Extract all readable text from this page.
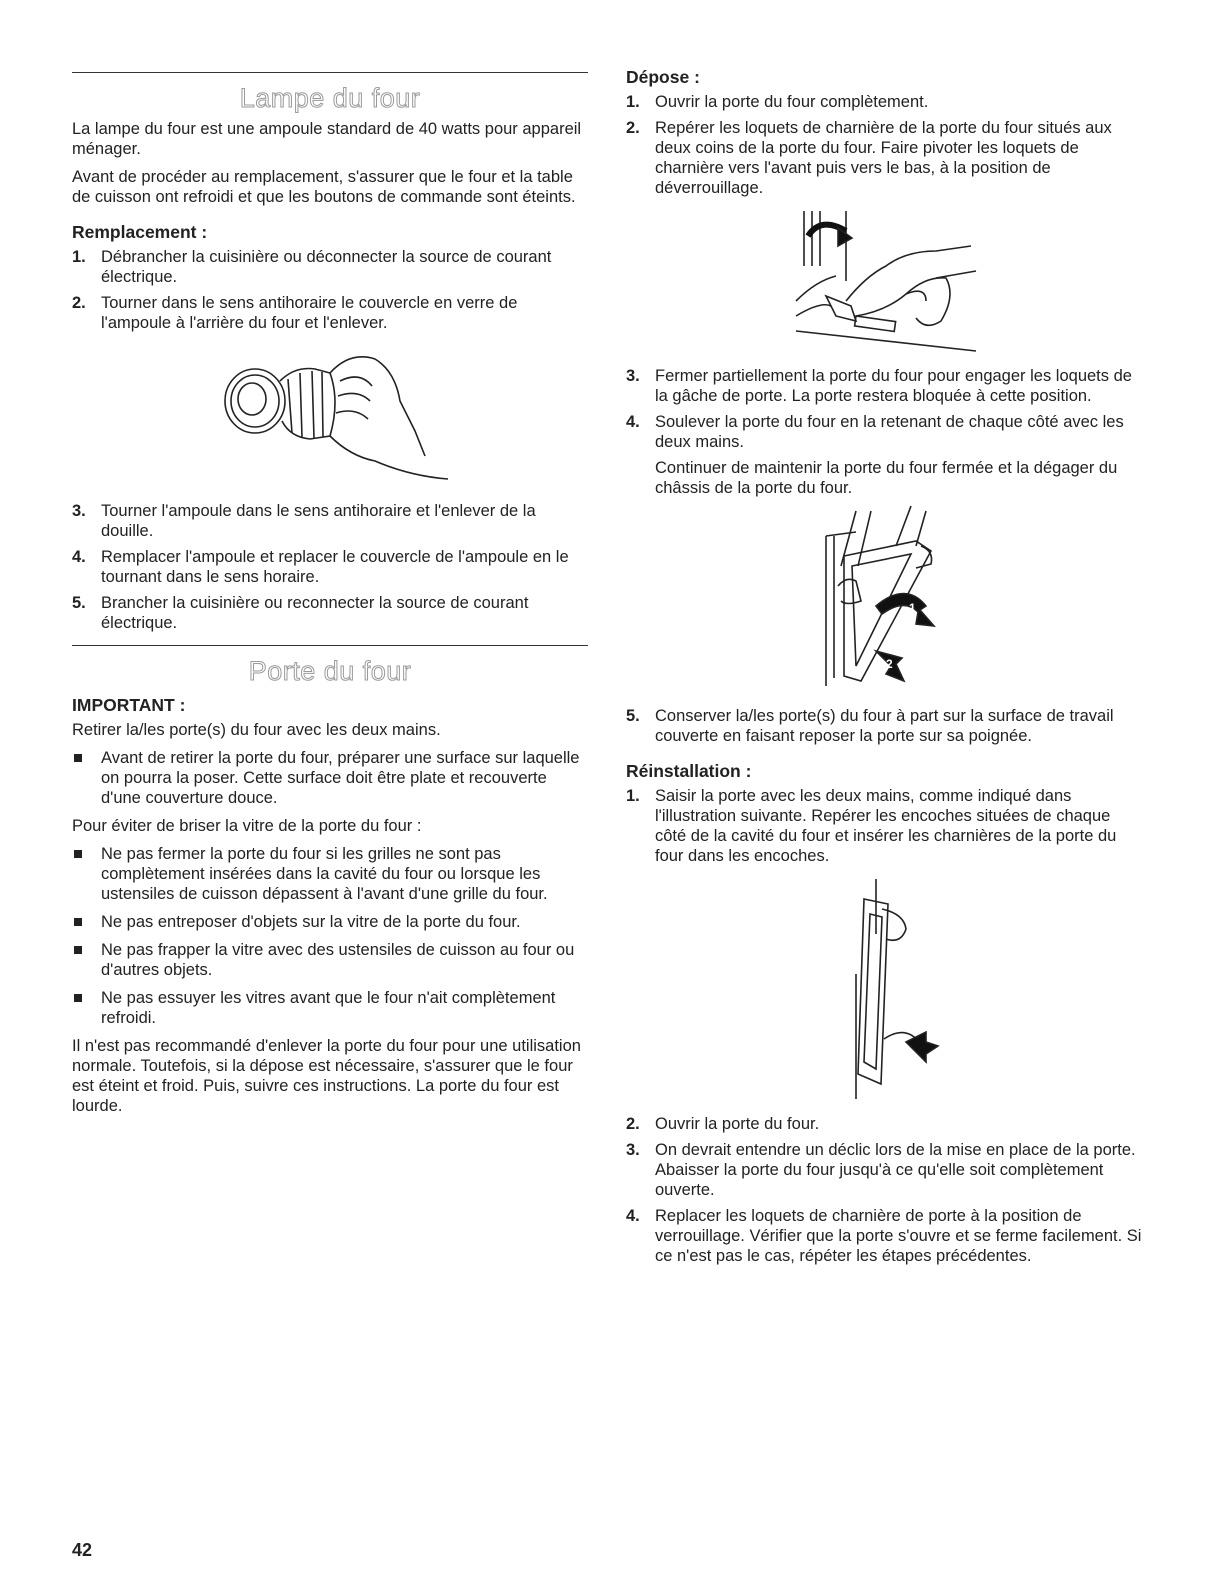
Lampe du four

La lampe du four est une ampoule standard de 40 watts pour appareil ménager.

Avant de procéder au remplacement, s'assurer que le four et la table de cuisson ont refroidi et que les boutons de commande sont éteints.

Remplacement :
1. Débrancher la cuisinière ou déconnecter la source de courant électrique.
2. Tourner dans le sens antihoraire le couvercle en verre de l'ampoule à l'arrière du four et l'enlever.
3. Tourner l'ampoule dans le sens antihoraire et l'enlever de la douille.
4. Remplacer l'ampoule et replacer le couvercle de l'ampoule en le tournant dans le sens horaire.
5. Brancher la cuisinière ou reconnecter la source de courant électrique.
Porte du four
IMPORTANT :

Retirer la/les porte(s) du four avec les deux mains.

Avant de retirer la porte du four, préparer une surface sur laquelle on pourra la poser. Cette surface doit être plate et recouverte d'une couverture douce.

Pour éviter de briser la vitre de la porte du four :

Ne pas fermer la porte du four si les grilles ne sont pas complètement insérées dans la cavité du four ou lorsque les ustensiles de cuisson dépassent à l'avant d'une grille du four.
Ne pas entreposer d'objets sur la vitre de la porte du four.
Ne pas frapper la vitre avec des ustensiles de cuisson au four ou d'autres objets.
Ne pas essuyer les vitres avant que le four n'ait complètement refroidi.

Il n'est pas recommandé d'enlever la porte du four pour une utilisation normale. Toutefois, si la dépose est nécessaire, s'assurer que le four est éteint et froid. Puis, suivre ces instructions. La porte du four est lourde.

Dépose :
1. Ouvrir la porte du four complètement.
2. Repérer les loquets de charnière de la porte du four situés aux deux coins de la porte du four. Faire pivoter les loquets de charnière vers l'avant puis vers le bas, à la position de déverrouillage.
3. Fermer partiellement la porte du four pour engager les loquets de la gâche de porte. La porte restera bloquée à cette position.
4. Soulever la porte du four en la retenant de chaque côté avec les deux mains.
Continuer de maintenir la porte du four fermée et la dégager du châssis de la porte du four.
1
2
5. Conserver la/les porte(s) du four à part sur la surface de travail couverte en faisant reposer la porte sur sa poignée.
Réinstallation :
1. Saisir la porte avec les deux mains, comme indiqué dans l'illustration suivante. Repérer les encoches situées de chaque côté de la cavité du four et insérer les charnières de la porte du four dans les encoches.
2. Ouvrir la porte du four.
3. On devrait entendre un déclic lors de la mise en place de la porte. Abaisser la porte du four jusqu'à ce qu'elle soit complètement ouverte.
4. Replacer les loquets de charnière de porte à la position de verrouillage. Vérifier que la porte s'ouvre et se ferme facilement. Si ce n'est pas le cas, répéter les étapes précédentes.
42
